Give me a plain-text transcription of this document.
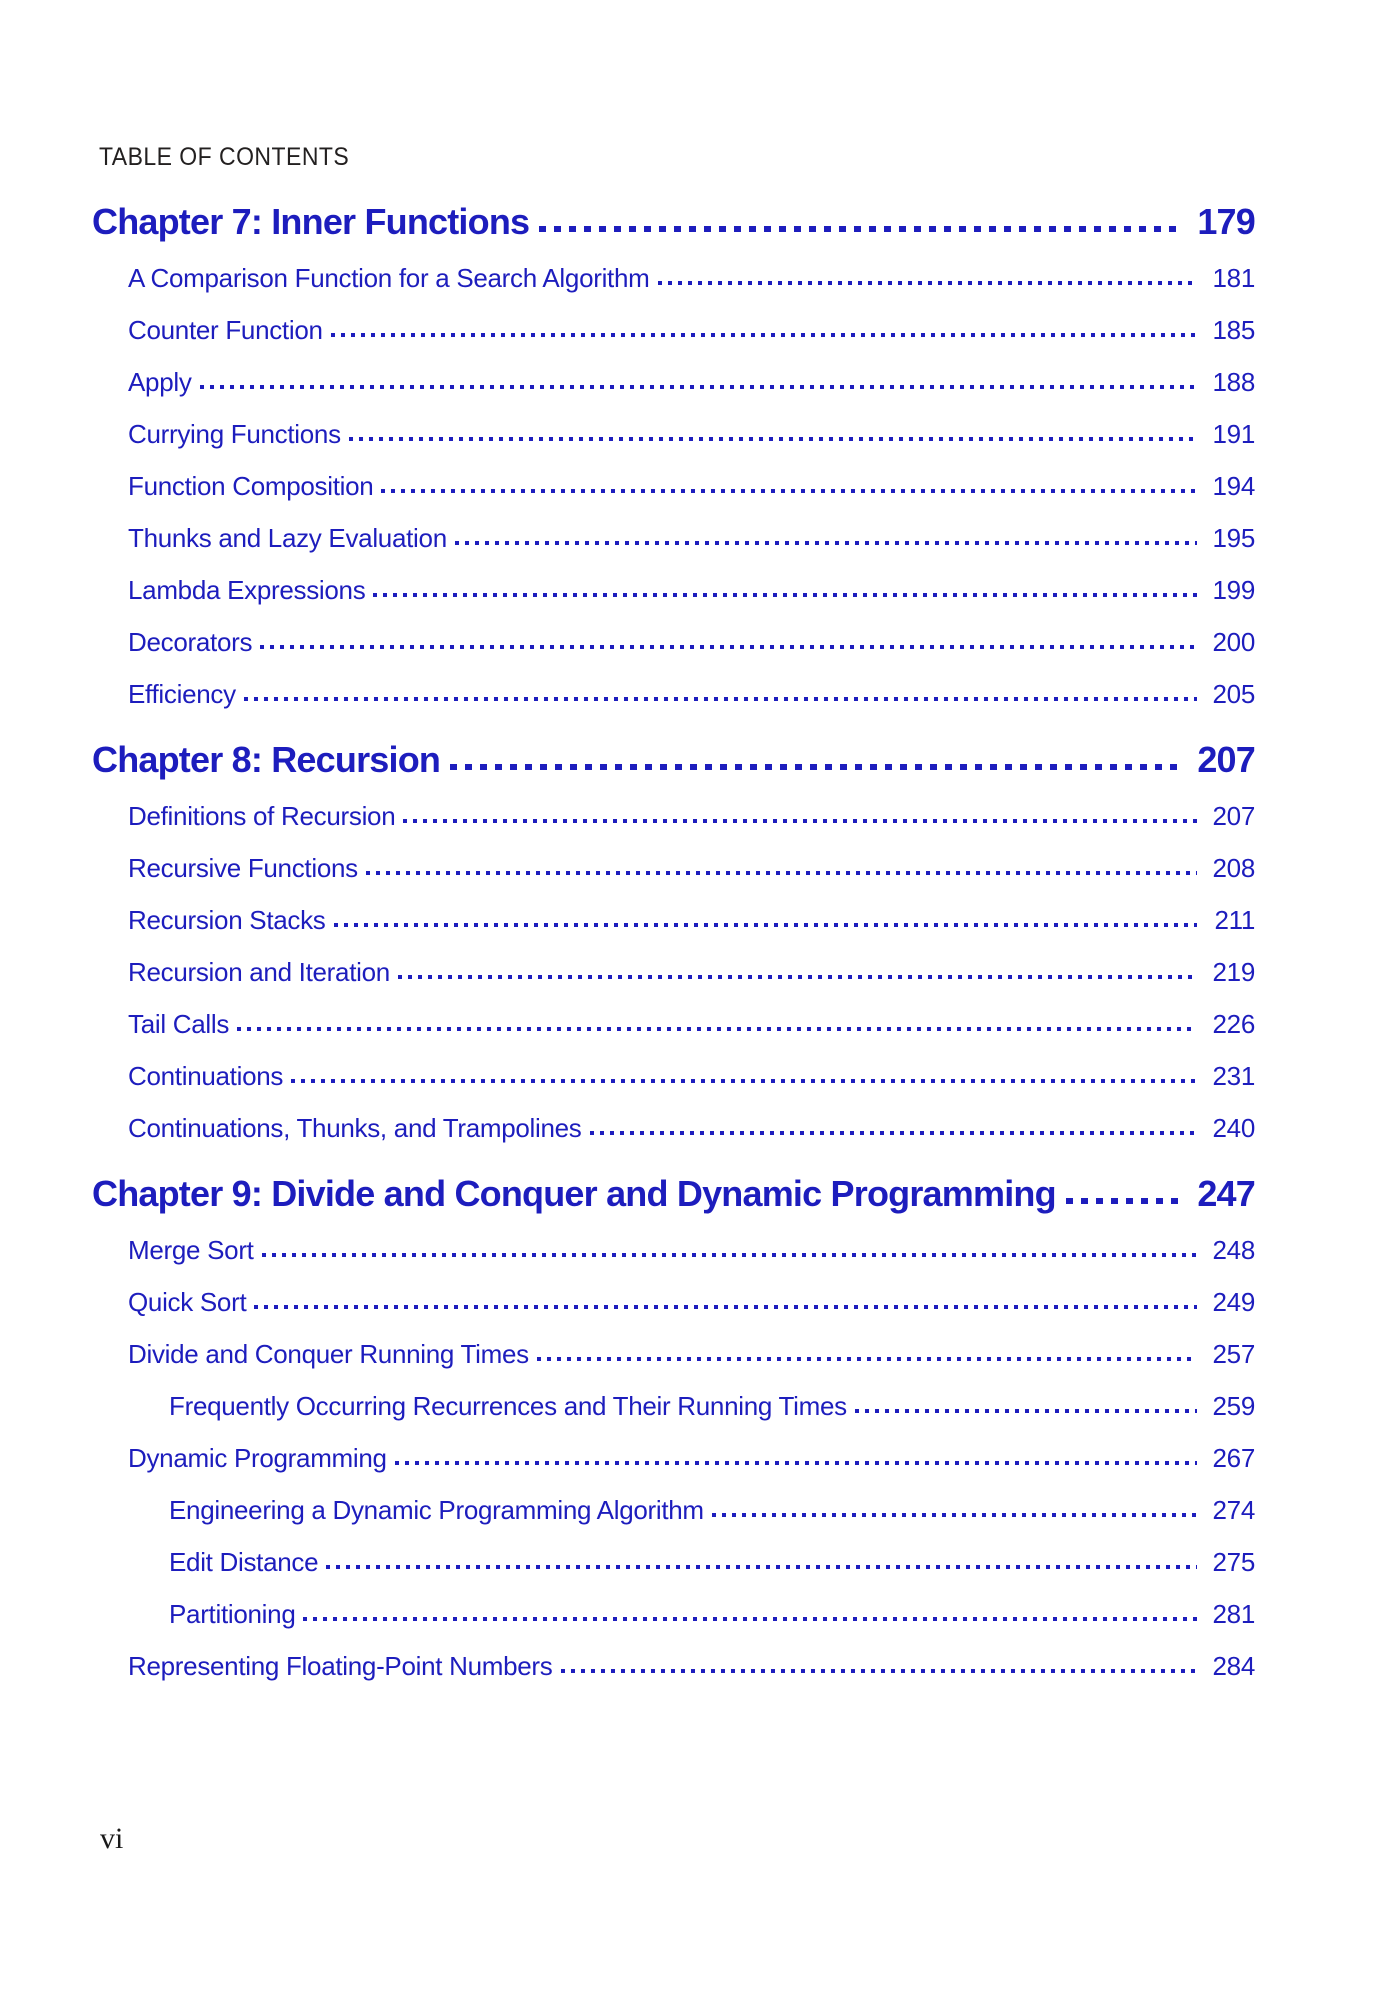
TABLE OF CONTENTS
Chapter 7: Inner Functions	179
A Comparison Function for a Search Algorithm	181
Counter Function	185
Apply	188
Currying Functions	191
Function Composition	194
Thunks and Lazy Evaluation	195
Lambda Expressions	199
Decorators	200
Efficiency	205
Chapter 8: Recursion	207
Definitions of Recursion	207
Recursive Functions	208
Recursion Stacks	211
Recursion and Iteration	219
Tail Calls	226
Continuations	231
Continuations, Thunks, and Trampolines	240
Chapter 9: Divide and Conquer and Dynamic Programming	247
Merge Sort	248
Quick Sort	249
Divide and Conquer Running Times	257
Frequently Occurring Recurrences and Their Running Times	259
Dynamic Programming	267
Engineering a Dynamic Programming Algorithm	274
Edit Distance	275
Partitioning	281
Representing Floating-Point Numbers	284
vi
